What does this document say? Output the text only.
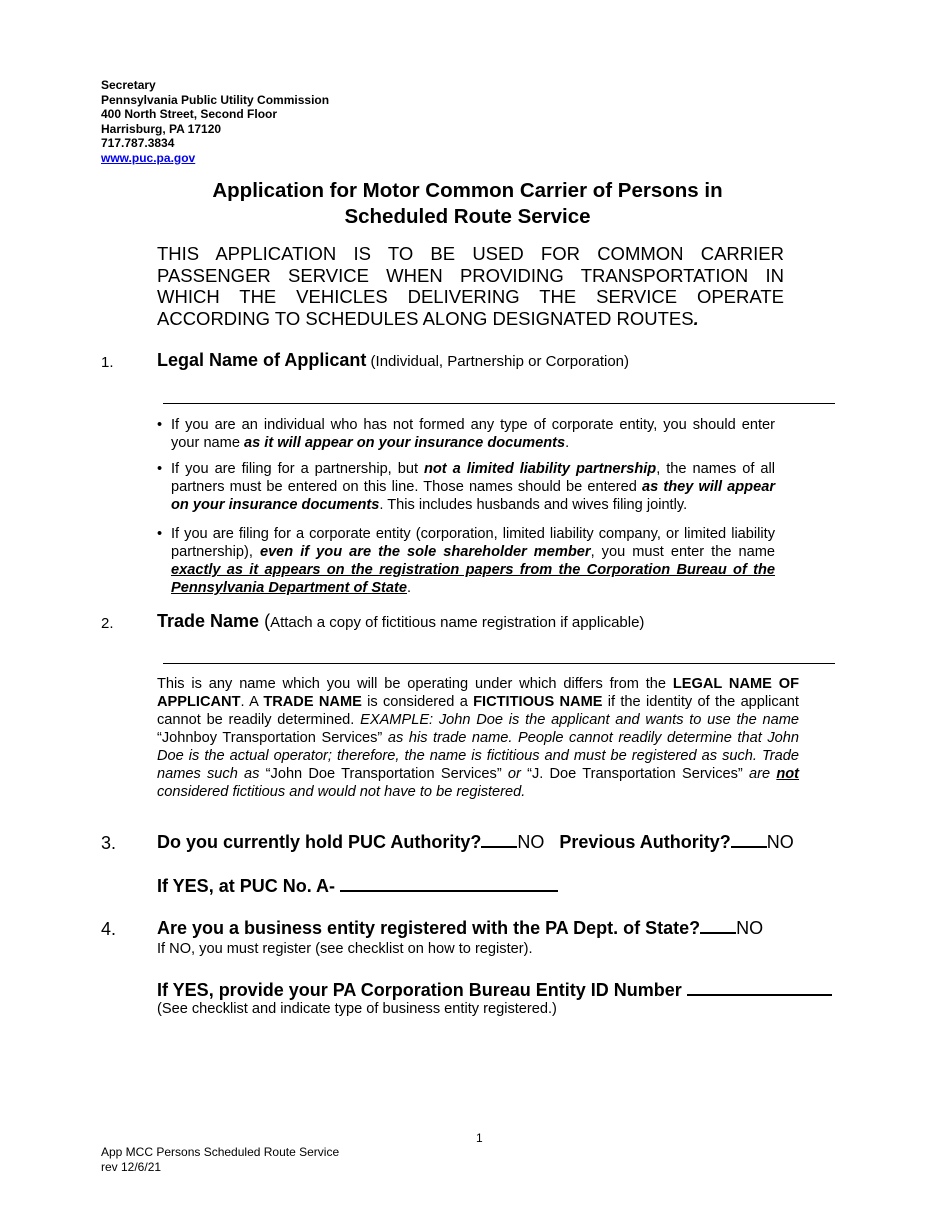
Secretary
Pennsylvania Public Utility Commission
400 North Street, Second Floor
Harrisburg, PA 17120
717.787.3834
www.puc.pa.gov
Application for Motor Common Carrier of Persons in
Scheduled Route Service
THIS APPLICATION IS TO BE USED FOR COMMON CARRIER PASSENGER SERVICE WHEN PROVIDING TRANSPORTATION IN WHICH THE VEHICLES DELIVERING THE SERVICE OPERATE ACCORDING TO SCHEDULES ALONG DESIGNATED ROUTES.
1. Legal Name of Applicant (Individual, Partnership or Corporation)
• If you are an individual who has not formed any type of corporate entity, you should enter your name as it will appear on your insurance documents.
• If you are filing for a partnership, but not a limited liability partnership, the names of all partners must be entered on this line. Those names should be entered as they will appear on your insurance documents. This includes husbands and wives filing jointly.
• If you are filing for a corporate entity (corporation, limited liability company, or limited liability partnership), even if you are the sole shareholder member, you must enter the name exactly as it appears on the registration papers from the Corporation Bureau of the Pennsylvania Department of State.
2. Trade Name (Attach a copy of fictitious name registration if applicable)
This is any name which you will be operating under which differs from the LEGAL NAME OF APPLICANT. A TRADE NAME is considered a FICTITIOUS NAME if the identity of the applicant cannot be readily determined. EXAMPLE: John Doe is the applicant and wants to use the name “Johnboy Transportation Services” as his trade name. People cannot readily determine that John Doe is the actual operator; therefore, the name is fictitious and must be registered as such. Trade names such as “John Doe Transportation Services” or “J. Doe Transportation Services” are not considered fictitious and would not have to be registered.
3. Do you currently hold PUC Authority? NO Previous Authority? NO
If YES, at PUC No. A-
4. Are you a business entity registered with the PA Dept. of State? NO
If NO, you must register (see checklist on how to register).
If YES, provide your PA Corporation Bureau Entity ID Number
(See checklist and indicate type of business entity registered.)
1
App MCC Persons Scheduled Route Service
rev 12/6/21
